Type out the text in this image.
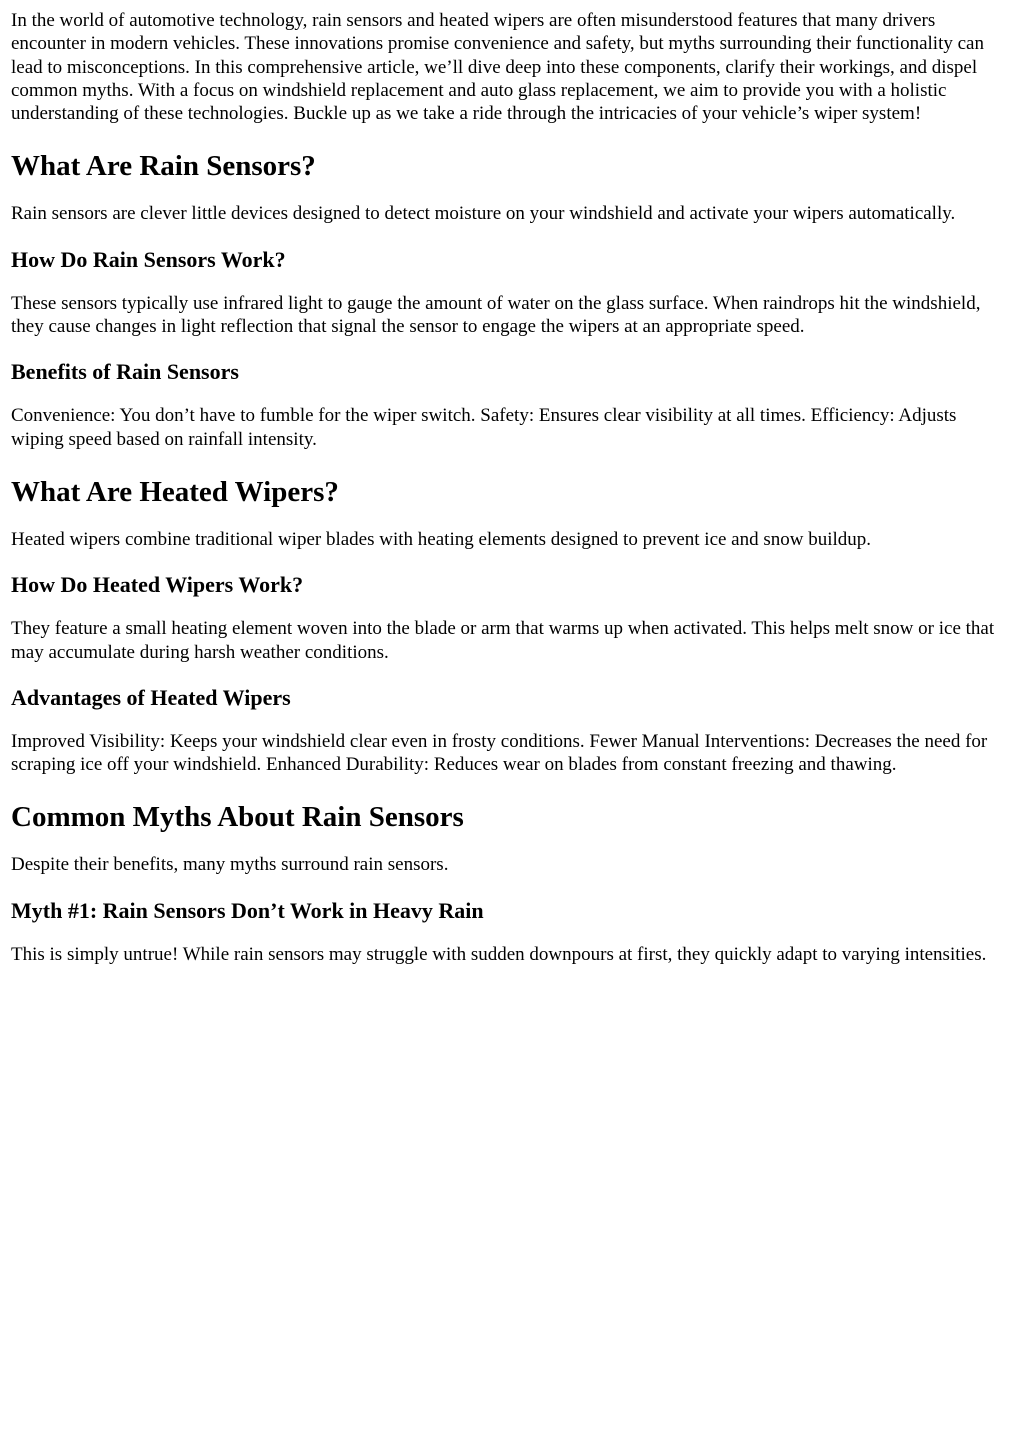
In the world of automotive technology, rain sensors and heated wipers are often misunderstood features that many drivers encounter in modern vehicles. These innovations promise convenience and safety, but myths surrounding their functionality can lead to misconceptions. In this comprehensive article, we’ll dive deep into these components, clarify their workings, and dispel common myths. With a focus on windshield replacement and auto glass replacement, we aim to provide you with a holistic understanding of these technologies. Buckle up as we take a ride through the intricacies of your vehicle’s wiper system!

What Are Rain Sensors?

Rain sensors are clever little devices designed to detect moisture on your windshield and activate your wipers automatically.

How Do Rain Sensors Work?

These sensors typically use infrared light to gauge the amount of water on the glass surface. When raindrops hit the windshield, they cause changes in light reflection that signal the sensor to engage the wipers at an appropriate speed.

Benefits of Rain Sensors

Convenience: You don’t have to fumble for the wiper switch. Safety: Ensures clear visibility at all times. Efficiency: Adjusts wiping speed based on rainfall intensity.

What Are Heated Wipers?

Heated wipers combine traditional wiper blades with heating elements designed to prevent ice and snow buildup.

How Do Heated Wipers Work?

They feature a small heating element woven into the blade or arm that warms up when activated. This helps melt snow or ice that may accumulate during harsh weather conditions.

Advantages of Heated Wipers

Improved Visibility: Keeps your windshield clear even in frosty conditions. Fewer Manual Interventions: Decreases the need for scraping ice off your windshield. Enhanced Durability: Reduces wear on blades from constant freezing and thawing.

Common Myths About Rain Sensors

Despite their benefits, many myths surround rain sensors.

Myth #1: Rain Sensors Don’t Work in Heavy Rain

This is simply untrue! While rain sensors may struggle with sudden downpours at first, they quickly adapt to varying intensities.
